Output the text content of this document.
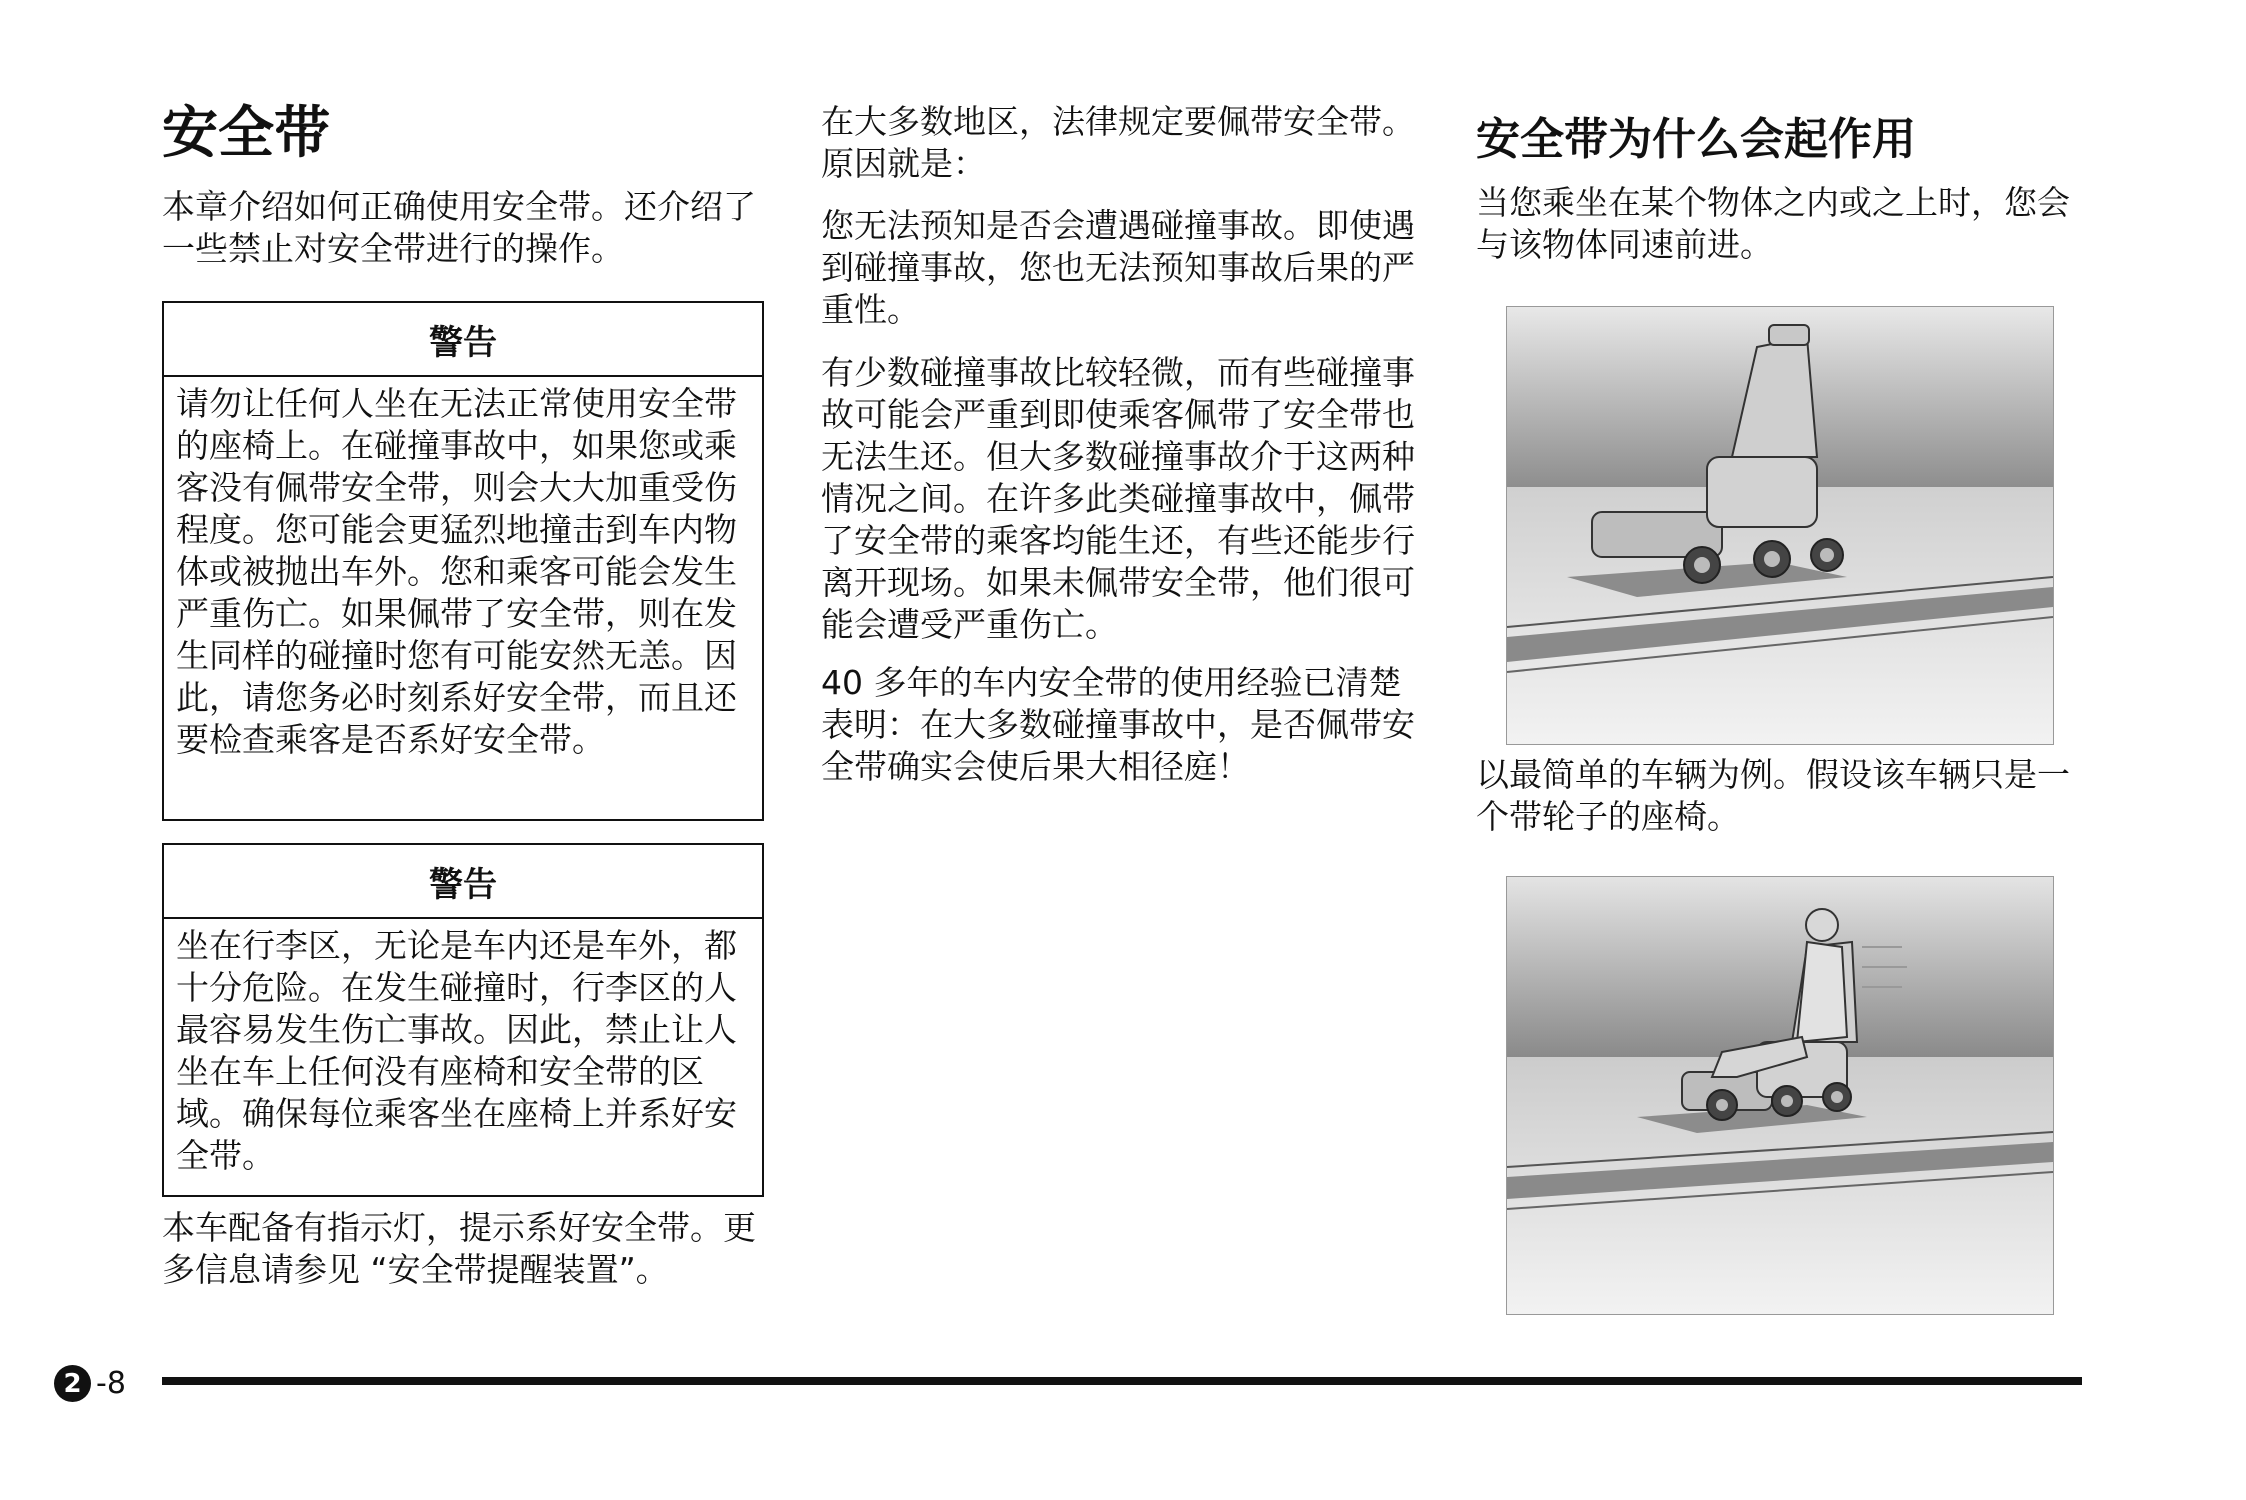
安全带

本章介绍如何正确使用安全带。还介绍了一些禁止对安全带进行的操作。

警告
请勿让任何人坐在无法正常使用安全带的座椅上。在碰撞事故中，如果您或乘客没有佩带安全带，则会大大加重受伤程度。您可能会更猛烈地撞击到车内物体或被抛出车外。您和乘客可能会发生严重伤亡。如果佩带了安全带，则在发生同样的碰撞时您有可能安然无恙。因此，请您务必时刻系好安全带，而且还要检查乘客是否系好安全带。
警告
坐在行李区，无论是车内还是车外，都十分危险。在发生碰撞时，行李区的人最容易发生伤亡事故。因此，禁止让人坐在车上任何没有座椅和安全带的区域。确保每位乘客坐在座椅上并系好安全带。

本车配备有指示灯，提示系好安全带。更多信息请参见 “安全带提醒装置”。

在大多数地区，法律规定要佩带安全带。原因就是：

您无法预知是否会遭遇碰撞事故。即使遇到碰撞事故，您也无法预知事故后果的严重性。

有少数碰撞事故比较轻微，而有些碰撞事故可能会严重到即使乘客佩带了安全带也无法生还。但大多数碰撞事故介于这两种情况之间。在许多此类碰撞事故中，佩带了安全带的乘客均能生还，有些还能步行离开现场。如果未佩带安全带，他们很可能会遭受严重伤亡。

40 多年的车内安全带的使用经验已清楚表明：在大多数碰撞事故中，是否佩带安全带确实会使后果大相径庭！

安全带为什么会起作用

当您乘坐在某个物体之内或之上时，您会与该物体同速前进。

以最简单的车辆为例。假设该车辆只是一个带轮子的座椅。

2 -8
